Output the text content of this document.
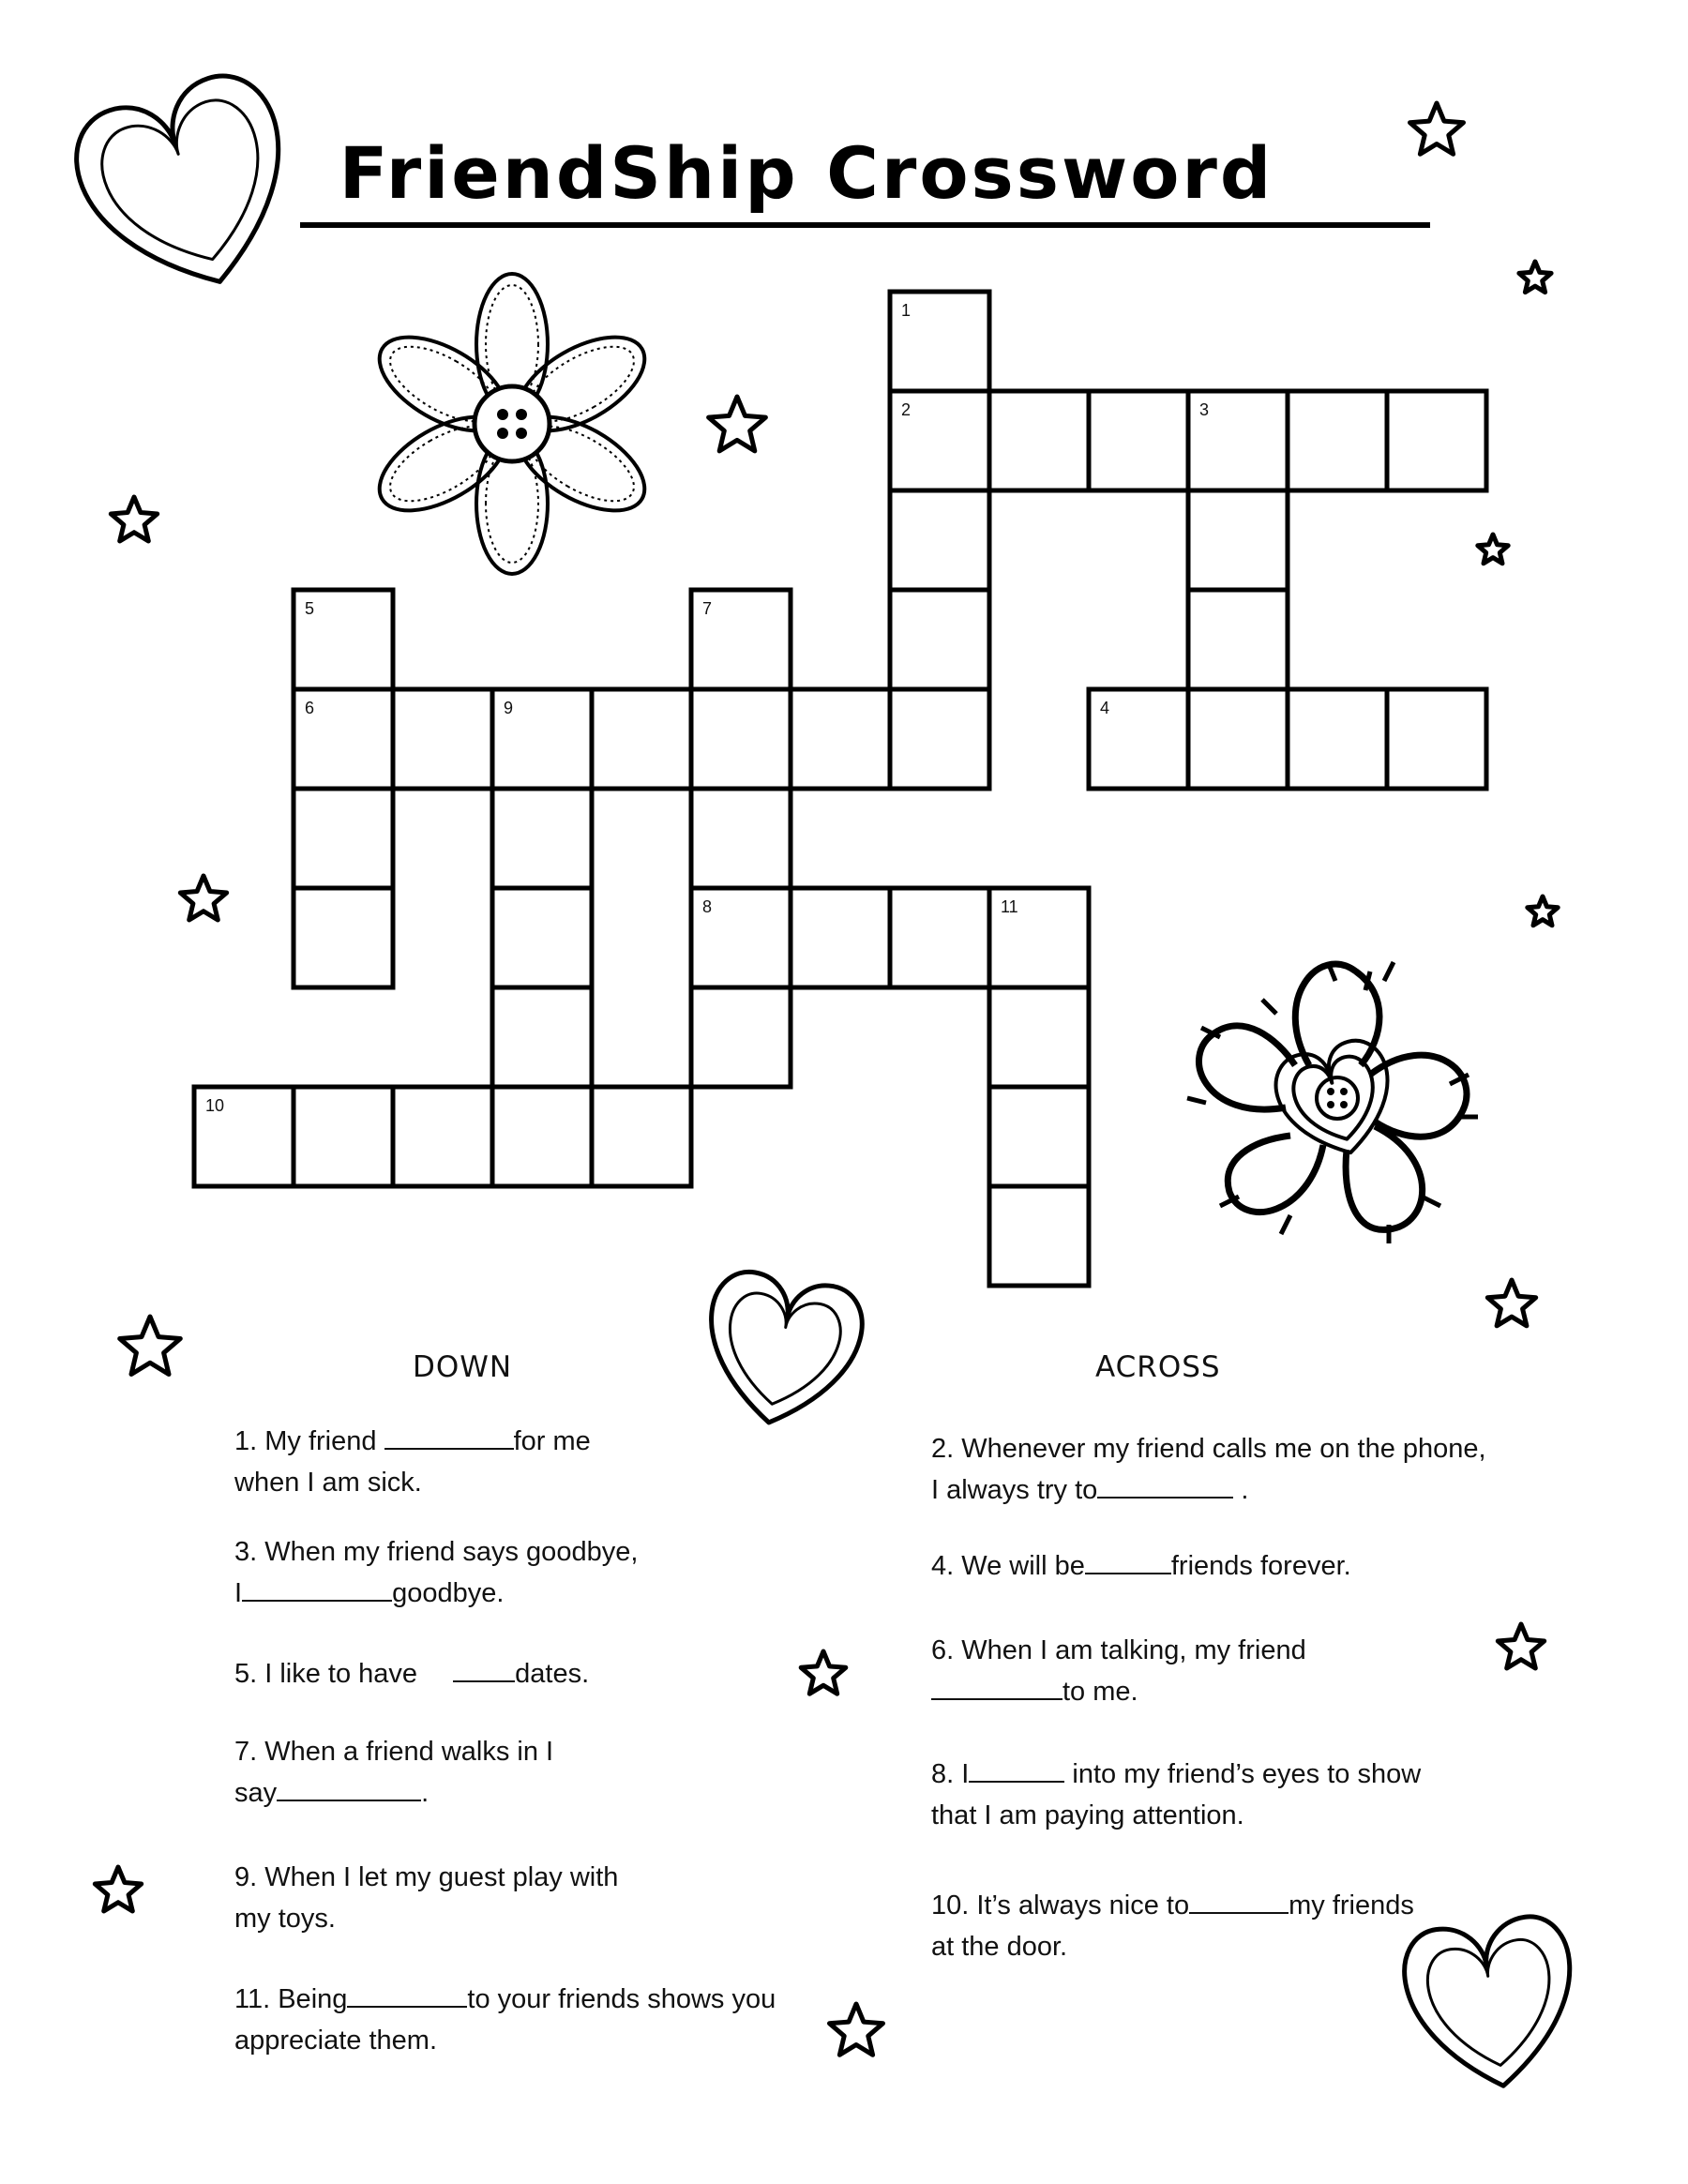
FriendShip Crossword
1
2	3
5	7
6	9	4
8	11
10
DOWN
1. My friend	for me
when I am sick.
3. When my friend says goodbye,
I	goodbye.
5. I like to have	dates.
7. When a friend walks in I
say	.
9. When I let my guest play with
my toys.
11. Being	to your friends shows you
appreciate them.
ACROSS
2. Whenever my friend calls me on the phone,
I always try to	.
4. We will be	friends forever.
6. When I am talking, my friend
to me.
8. I	into my friend’s eyes to show
that I am paying attention.
10. It’s always nice to	my friends
at the door.
